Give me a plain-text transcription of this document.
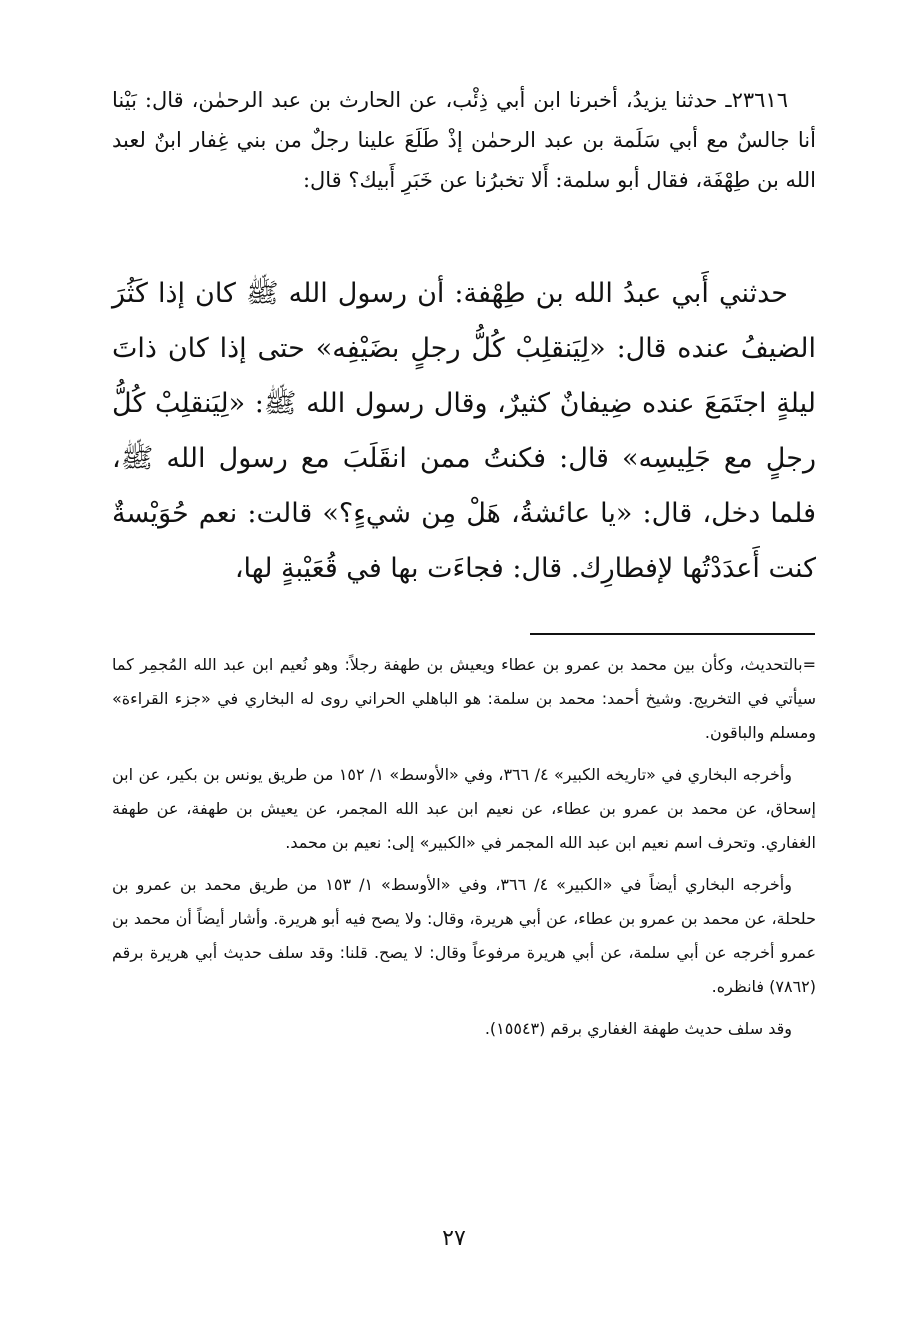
٢٣٦١٦ـ حدثنا يزيدُ، أخبرنا ابن أبي ذِئْب، عن الحارث بن عبد الرحمٰن، قال: بَيْنا أنا جالسٌ مع أبي سَلَمة بن عبد الرحمٰن إذْ طَلَعَ علينا رجلٌ من بني غِفار ابنٌ لعبد الله بن طِهْفَة، فقال أبو سلمة: أَلا تخبرُنا عن خَبَرِ أَبيك؟ قال:

حدثني أَبي عبدُ الله بن طِهْفة: أن رسول الله ﷺ كان إذا كَثُرَ الضيفُ عنده قال: «لِيَنقلِبْ كُلُّ رجلٍ بضَيْفِه» حتى إذا كان ذاتَ ليلةٍ اجتَمَعَ عنده ضِيفانٌ كثيرٌ، وقال رسول الله ﷺ: «لِيَنقلِبْ كُلُّ رجلٍ مع جَلِيسِه» قال: فكنتُ ممن انقَلَبَ مع رسول الله ﷺ، فلما دخل، قال: «يا عائشةُ، هَلْ مِن شيءٍ؟» قالت: نعم حُوَيْسةٌ كنت أَعدَدْتُها لإفطارِك. قال: فجاءَت بها في قُعَيْبةٍ لها،

=بالتحديث، وكأن بين محمد بن عمرو بن عطاء ويعيش بن طهفة رجلاً: وهو نُعيم ابن عبد الله المُجمِر كما سيأتي في التخريج. وشيخ أحمد: محمد بن سلمة: هو الباهلي الحراني روى له البخاري في «جزء القراءة» ومسلم والباقون.

وأخرجه البخاري في «تاريخه الكبير» ٤/ ٣٦٦، وفي «الأوسط» ١/ ١٥٢ من طريق يونس بن بكير، عن ابن إسحاق، عن محمد بن عمرو بن عطاء، عن نعيم ابن عبد الله المجمر، عن يعيش بن طهفة، عن طهفة الغفاري. وتحرف اسم نعيم ابن عبد الله المجمر في «الكبير» إلى: نعيم بن محمد.

وأخرجه البخاري أيضاً في «الكبير» ٤/ ٣٦٦، وفي «الأوسط» ١/ ١٥٣ من طريق محمد بن عمرو بن حلحلة، عن محمد بن عمرو بن عطاء، عن أبي هريرة، وقال: ولا يصح فيه أبو هريرة. وأشار أيضاً أن محمد بن عمرو أخرجه عن أبي سلمة، عن أبي هريرة مرفوعاً وقال: لا يصح. قلنا: وقد سلف حديث أبي هريرة برقم (٧٨٦٢) فانظره.

وقد سلف حديث طهفة الغفاري برقم (١٥٥٤٣).

٢٧
